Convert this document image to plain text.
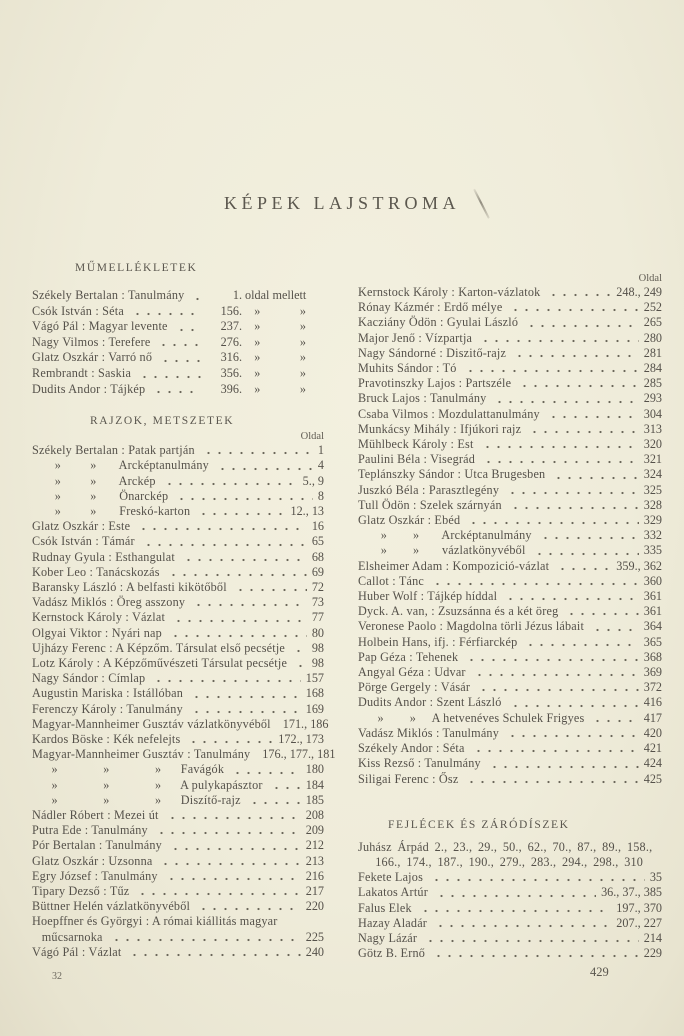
KÉPEK LAJSTROMA
MŰMELLÉKLETEK
Székely Bertalan : Tanulmány	1. oldal mellett
Csók István : Séta	156. »             »
Vágó Pál : Magyar levente	237. »             »
Nagy Vilmos : Terefere	276. »             »
Glatz Oszkár : Varró nő	316. »             »
Rembrandt : Saskia	356. »             »
Dudits Andor : Tájkép	396. »             »
RAJZOK, METSZETEK
Oldal
Székely Bertalan : Patak partján	1
»         »       Arcképtanulmány	4
»         »       Arckép	5., 9
»         »       Önarckép	8
»         »       Freskó-karton	12., 13
Glatz Oszkár : Este	16
Csók István : Támár	65
Rudnay Gyula : Esthangulat	68
Kober Leo : Tanácskozás	69
Baransky László : A belfasti kikötőből	72
Vadász Miklós : Öreg asszony	73
Kernstock Károly : Vázlat	77
Olgyai Viktor : Nyári nap	80
Ujházy Ferenc : A Képzőm. Társulat első pecsétje 98
Lotz Károly : A Képzőművészeti Társulat pecsétje 98
Nagy Sándor : Címlap	157
Augustin Mariska : Istállóban	168
Ferenczy Károly : Tanulmány	169
Magyar-Mannheimer Gusztáv vázlatkönyvéből 171., 186
Kardos Böske : Kék nefelejts	172., 173
Magyar-Mannheimer Gusztáv : Tanulmány 176., 177., 181
»              »              »      Favágók	180
»              »              »      A pulykapásztor	184
»              »              »      Diszítő-rajz	185
Nádler Róbert : Mezei út	208
Putra Ede : Tanulmány	209
Pór Bertalan : Tanulmány	212
Glatz Oszkár : Uzsonna	213
Egry József : Tanulmány	216
Tipary Dezső : Tűz	217
Büttner Helén vázlatkönyvéből	220
Hoepffner és Györgyi : A római kiállitás magyar
műcsarnoka	225
Vágó Pál : Vázlat	240
Oldal
Kernstock Károly : Karton-vázlatok	248., 249
Rónay Kázmér : Erdő mélye	252
Kacziány Ödön : Gyulai László	265
Major Jenő : Vízpartja	280
Nagy Sándorné : Diszitő-rajz	281
Muhits Sándor : Tó	284
Pravotinszky Lajos : Partszéle	285
Bruck Lajos : Tanulmány	293
Csaba Vilmos : Mozdulattanulmány	304
Munkácsy Mihály : Ifjúkori rajz	313
Mühlbeck Károly : Est	320
Paulini Béla : Visegrád	321
Teplánszky Sándor : Utca Brugesben	324
Juszkó Béla : Parasztlegény	325
Tull Ödön : Szelek szárnyán	328
Glatz Oszkár : Ebéd	329
»        »       Arcképtanulmány	332
»        »       vázlatkönyvéből	335
Elsheimer Adam : Kompozició-vázlat	359., 362
Callot : Tánc	360
Huber Wolf : Tájkép híddal	361
Dyck. A. van, : Zsuzsánna és a két öreg	361
Veronese Paolo : Magdolna törli Jézus lábait	364
Holbein Hans, ifj. : Férfiarckép	365
Pap Géza : Tehenek	368
Angyal Géza : Udvar	369
Pörge Gergely : Vásár	372
Dudits Andor : Szent László	416
»        »     A hetvenéves Schulek Frigyes	417
Vadász Miklós : Tanulmány	420
Székely Andor : Séta	421
Kiss Rezső : Tanulmány	424
Siligai Ferenc : Ősz	425
FEJLÉCEK ÉS ZÁRÓDÍSZEK
Juhász Árpád 2., 23., 29., 50., 62., 70., 87., 89., 158.,
166., 174., 187., 190., 279., 283., 294., 298., 310
Fekete Lajos	35
Lakatos Artúr	36., 37., 385
Falus Elek	197., 370
Hazay Aladár	207., 227
Nagy Lázár	214
Götz B. Ernő	229
32	429
